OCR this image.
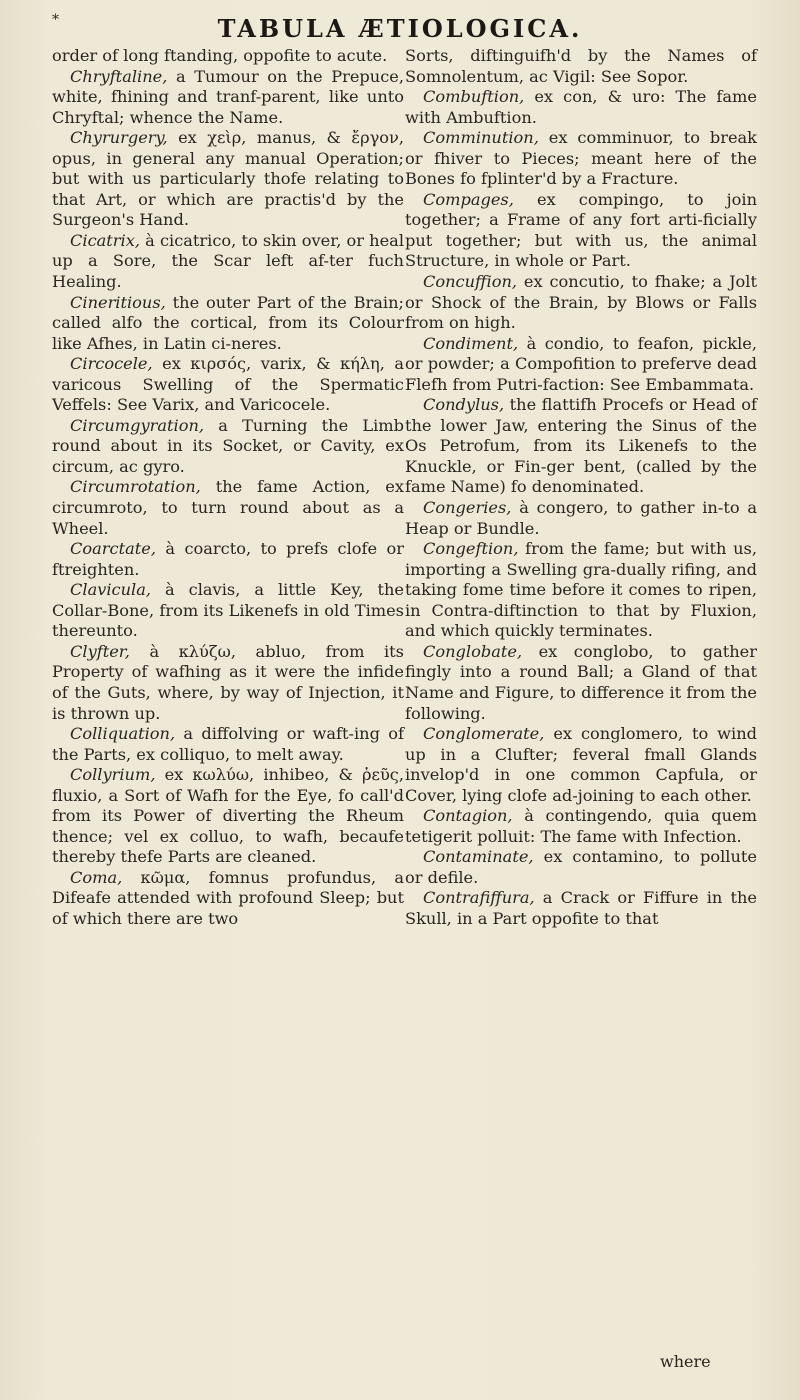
*	TABULA ÆTIOLOGICA.

order of long ftanding, oppofite to acute.

Chryftaline, a Tumour on the Prepuce, white, fhining and tranf-parent, like unto Chryftal; whence the Name.

Chyrurgery, ex χεὶρ, manus, & ἔργον, opus, in general any manual Operation; but with us particularly thofe relating to that Art, or which are practis'd by the Surgeon's Hand.

Cicatrix, à cicatrico, to skin over, or heal up a Sore, the Scar left af-ter fuch Healing.

Cineritious, the outer Part of the Brain; called alfo the cortical, from its Colour like Afhes, in Latin ci-neres.

Circocele, ex κιρσός, varix, & κήλη, a varicous Swelling of the Spermatic Veffels: See Varix, and Varicocele.

Circumgyration, a Turning the Limb round about in its Socket, or Cavity, ex circum, ac gyro.

Circumrotation, the fame Action, ex circumroto, to turn round about as a Wheel.

Coarctate, à coarcto, to prefs clofe or ftreighten.

Clavicula, à clavis, a little Key, the Collar-Bone, from its Likenefs in old Times thereunto.

Clyfter, à κλύζω, abluo, from its Property of wafhing as it were the infide of the Guts, where, by way of Injection, it is thrown up.

Colliquation, a diffolving or waft-ing of the Parts, ex colliquo, to melt away.

Collyrium, ex κωλύω, inhibeo, & ῥεῦς, fluxio, a Sort of Wafh for the Eye, fo call'd from its Power of diverting the Rheum thence; vel ex colluo, to wafh, becaufe thereby thefe Parts are cleaned.

Coma, κῶμα, fomnus profundus, a Difeafe attended with profound Sleep; but of which there are two

Sorts, diftinguifh'd by the Names of Somnolentum, ac Vigil: See Sopor.

Combuftion, ex con, & uro: The fame with Ambuftion.

Comminution, ex comminuor, to break or fhiver to Pieces; meant here of the Bones fo fplinter'd by a Fracture.

Compages, ex compingo, to join together; a Frame of any fort arti-ficially put together; but with us, the animal Structure, in whole or Part.

Concuffion, ex concutio, to fhake; a Jolt or Shock of the Brain, by Blows or Falls from on high.

Condiment, à condio, to feafon, pickle, or powder; a Compofition to preferve dead Flefh from Putri-faction: See Embammata.

Condylus, the flattifh Procefs or Head of the lower Jaw, entering the Sinus of the Os Petrofum, from its Likenefs to the Knuckle, or Fin-ger bent, (called by the fame Name) fo denominated.

Congeries, à congero, to gather in-to a Heap or Bundle.

Congeftion, from the fame; but with us, importing a Swelling gra-dually rifing, and taking fome time before it comes to ripen, in Contra-diftinction to that by Fluxion, and which quickly terminates.

Conglobate, ex conglobo, to gather fingly into a round Ball; a Gland of that Name and Figure, to difference it from the following.

Conglomerate, ex conglomero, to wind up in a Clufter; feveral fmall Glands invelop'd in one common Capfula, or Cover, lying clofe ad-joining to each other.

Contagion, à contingendo, quia quem tetigerit polluit: The fame with Infection.

Contaminate, ex contamino, to pollute or defile.

Contrafiffura, a Crack or Fiffure in the Skull, in a Part oppofite to that

where
